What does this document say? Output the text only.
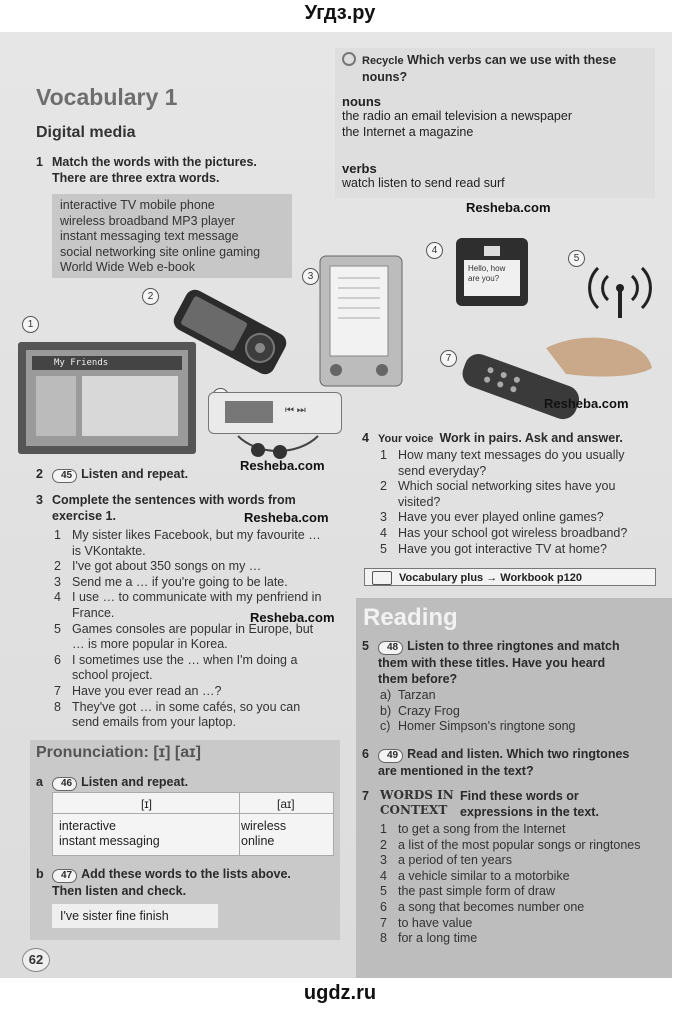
Угдз.ру
Vocabulary 1
Digital media
1 Match the words with the pictures.
There are three extra words.
interactive TV mobile phone
wireless broadband MP3 player
instant messaging text message
social networking site online gaming
World Wide Web e-book
1
My Friends
2
3
4
Hello, how are you?
5
⏮ ⏭
7
Resheba.com
Resheba.com
Resheba.com
Resheba.com
Resheba.com
2 45 Listen and repeat.
3 Complete the sentences with words from
exercise 1.
1 My sister likes Facebook, but my favourite …
is VKontakte.
2 I've got about 350 songs on my …
3 Send me a … if you're going to be late.
4 I use … to communicate with my penfriend in
France.
5 Games consoles are popular in Europe, but
… is more popular in Korea.
6 I sometimes use the … when I'm doing a
school project.
7 Have you ever read an …?
8 They've got … in some cafés, so you can
send emails from your laptop.
Pronunciation: [ɪ] [aɪ]
a 46 Listen and repeat.
[ɪ]	[aɪ]
interactive
instant messaging
wireless
online
b 47 Add these words to the lists above.
Then listen and check.
I've sister fine finish
62
Recycle Which verbs can we use with these
nouns?
nouns
the radio an email television a newspaper
the Internet a magazine
verbs
watch listen to send read surf
4 Your voice Work in pairs. Ask and answer.
1 How many text messages do you usually
send everyday?
2 Which social networking sites have you
visited?
3 Have you ever played online games?
4 Has your school got wireless broadband?
5 Have you got interactive TV at home?
Vocabulary plus → Workbook p120
Reading
5 48 Listen to three ringtones and match
them with these titles. Have you heard
them before?
a) Tarzan
b) Crazy Frog
c) Homer Simpson's ringtone song
6 49 Read and listen. Which two ringtones
are mentioned in the text?
7 WORDS IN
CONTEXT
Find these words or
expressions in the text.
1 to get a song from the Internet
2 a list of the most popular songs or ringtones
3 a period of ten years
4 a vehicle similar to a motorbike
5 the past simple form of draw
6 a song that becomes number one
7 to have value
8 for a long time
ugdz.ru
